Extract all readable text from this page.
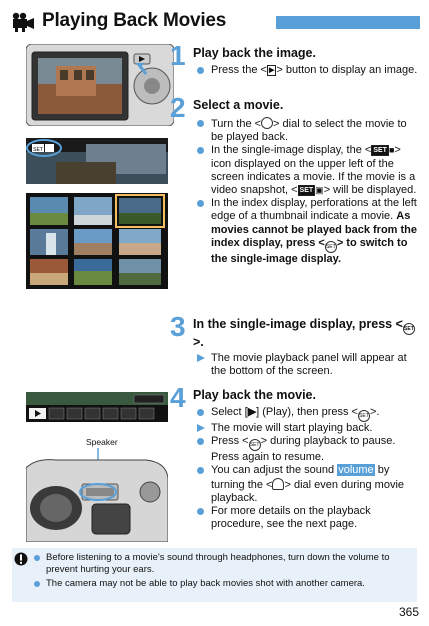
Playing Back Movies
SET
Speaker
1 Play back the image.
Press the < ▶ > button to display an image.
2 Select a movie.
Turn the < > dial to select the movie to be played back.
In the single-image display, the < SET ■> icon displayed on the upper left of the screen indicates a movie. If the movie is a video snapshot, < SET ▣> will be displayed.
In the index display, perforations at the left edge of a thumbnail indicate a movie. As movies cannot be played back from the index display, press <SET> to switch to the single-image display.
3 In the single-image display, press <SET>.
The movie playback panel will appear at the bottom of the screen.
4 Play back the movie.
Select [▶] (Play), then press <SET>.
The movie will start playing back.
Press <SET> during playback to pause. Press again to resume.
You can adjust the sound volume by turning the < > dial even during movie playback.
For more details on the playback procedure, see the next page.
Before listening to a movie's sound through headphones, turn down the volume to prevent hurting your ears.
The camera may not be able to play back movies shot with another camera.
365
